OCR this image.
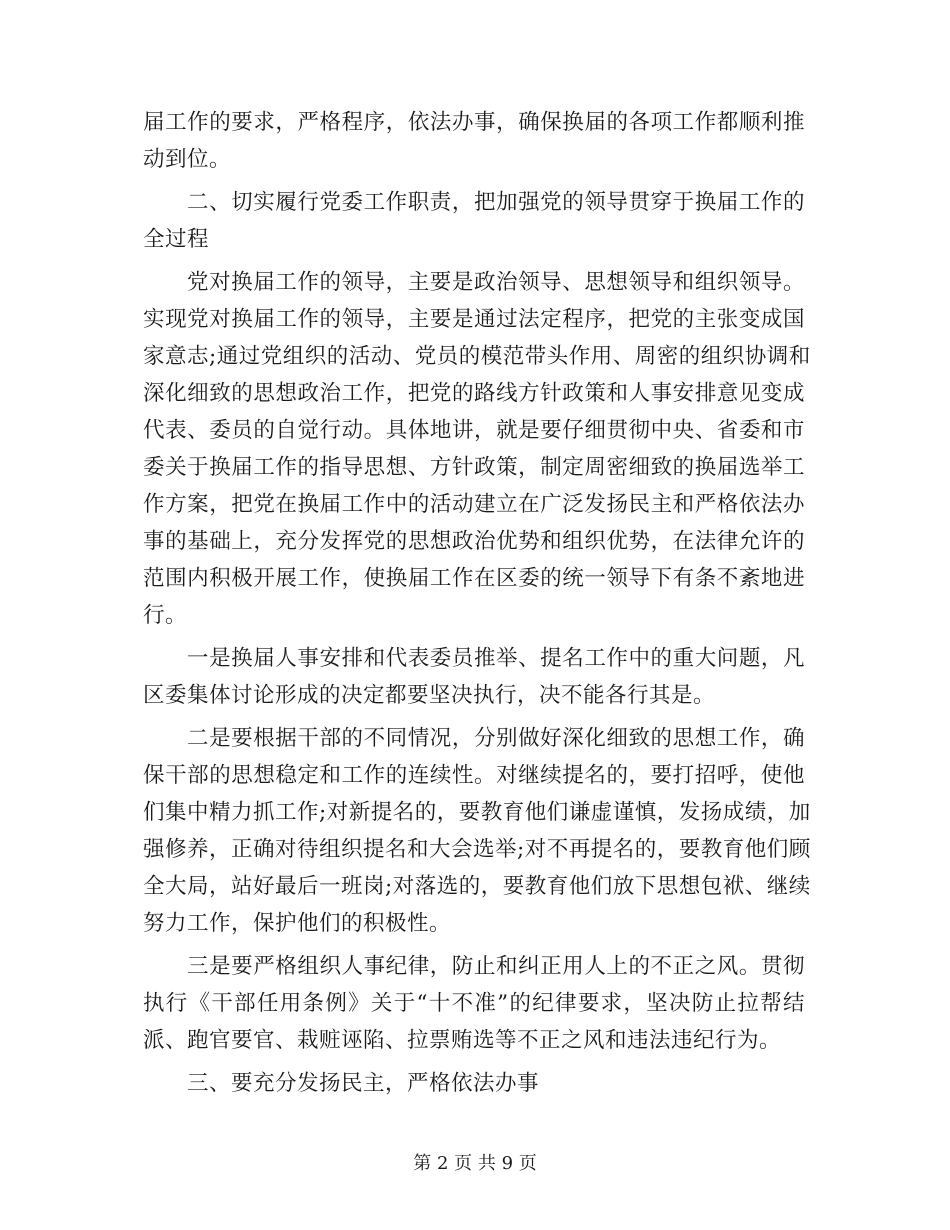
届工作的要求，严格程序，依法办事，确保换届的各项工作都顺利推
动到位。

二、切实履行党委工作职责，把加强党的领导贯穿于换届工作的
全过程

党对换届工作的领导，主要是政治领导、思想领导和组织领导。
实现党对换届工作的领导，主要是通过法定程序，把党的主张变成国
家意志;通过党组织的活动、党员的模范带头作用、周密的组织协调和
深化细致的思想政治工作，把党的路线方针政策和人事安排意见变成
代表、委员的自觉行动。具体地讲，就是要仔细贯彻中央、省委和市
委关于换届工作的指导思想、方针政策，制定周密细致的换届选举工
作方案，把党在换届工作中的活动建立在广泛发扬民主和严格依法办
事的基础上，充分发挥党的思想政治优势和组织优势，在法律允许的
范围内积极开展工作，使换届工作在区委的统一领导下有条不紊地进
行。

一是换届人事安排和代表委员推举、提名工作中的重大问题，凡
区委集体讨论形成的决定都要坚决执行，决不能各行其是。

二是要根据干部的不同情况，分别做好深化细致的思想工作，确
保干部的思想稳定和工作的连续性。对继续提名的，要打招呼，使他
们集中精力抓工作;对新提名的，要教育他们谦虚谨慎，发扬成绩，加
强修养，正确对待组织提名和大会选举;对不再提名的，要教育他们顾
全大局，站好最后一班岗;对落选的，要教育他们放下思想包袱、继续
努力工作，保护他们的积极性。

三是要严格组织人事纪律，防止和纠正用人上的不正之风。贯彻
执行《干部任用条例》关于“十不准”的纪律要求，坚决防止拉帮结
派、跑官要官、栽赃诬陷、拉票贿选等不正之风和违法违纪行为。

三、要充分发扬民主，严格依法办事

第 2 页 共 9 页
